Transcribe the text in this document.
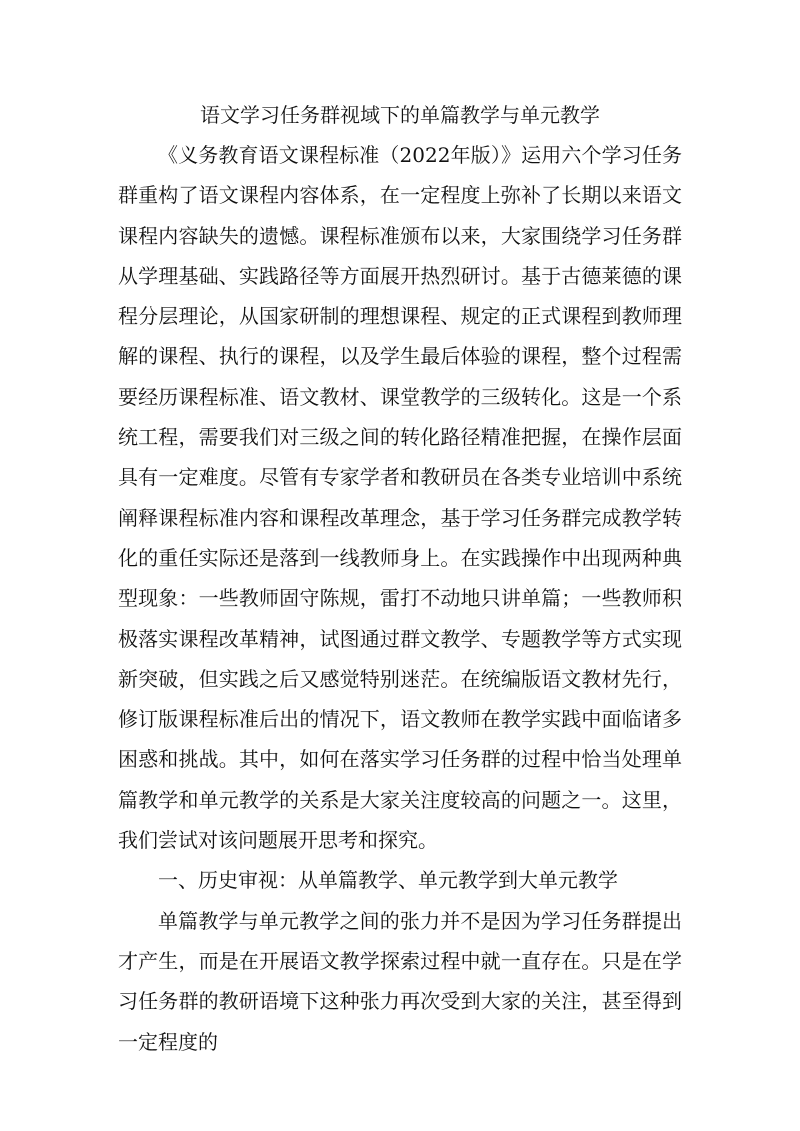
语文学习任务群视域下的单篇教学与单元教学

《义务教育语文课程标准（2022年版）》运用六个学习任务群重构了语文课程内容体系，在一定程度上弥补了长期以来语文课程内容缺失的遗憾。课程标准颁布以来，大家围绕学习任务群从学理基础、实践路径等方面展开热烈研讨。基于古德莱德的课程分层理论，从国家研制的理想课程、规定的正式课程到教师理解的课程、执行的课程，以及学生最后体验的课程，整个过程需要经历课程标准、语文教材、课堂教学的三级转化。这是一个系统工程，需要我们对三级之间的转化路径精准把握，在操作层面具有一定难度。尽管有专家学者和教研员在各类专业培训中系统阐释课程标准内容和课程改革理念，基于学习任务群完成教学转化的重任实际还是落到一线教师身上。在实践操作中出现两种典型现象：一些教师固守陈规，雷打不动地只讲单篇；一些教师积极落实课程改革精神，试图通过群文教学、专题教学等方式实现新突破，但实践之后又感觉特别迷茫。在统编版语文教材先行，修订版课程标准后出的情况下，语文教师在教学实践中面临诸多困惑和挑战。其中，如何在落实学习任务群的过程中恰当处理单篇教学和单元教学的关系是大家关注度较高的问题之一。这里，我们尝试对该问题展开思考和探究。

一、历史审视：从单篇教学、单元教学到大单元教学

单篇教学与单元教学之间的张力并不是因为学习任务群提出才产生，而是在开展语文教学探索过程中就一直存在。只是在学习任务群的教研语境下这种张力再次受到大家的关注，甚至得到一定程度的
